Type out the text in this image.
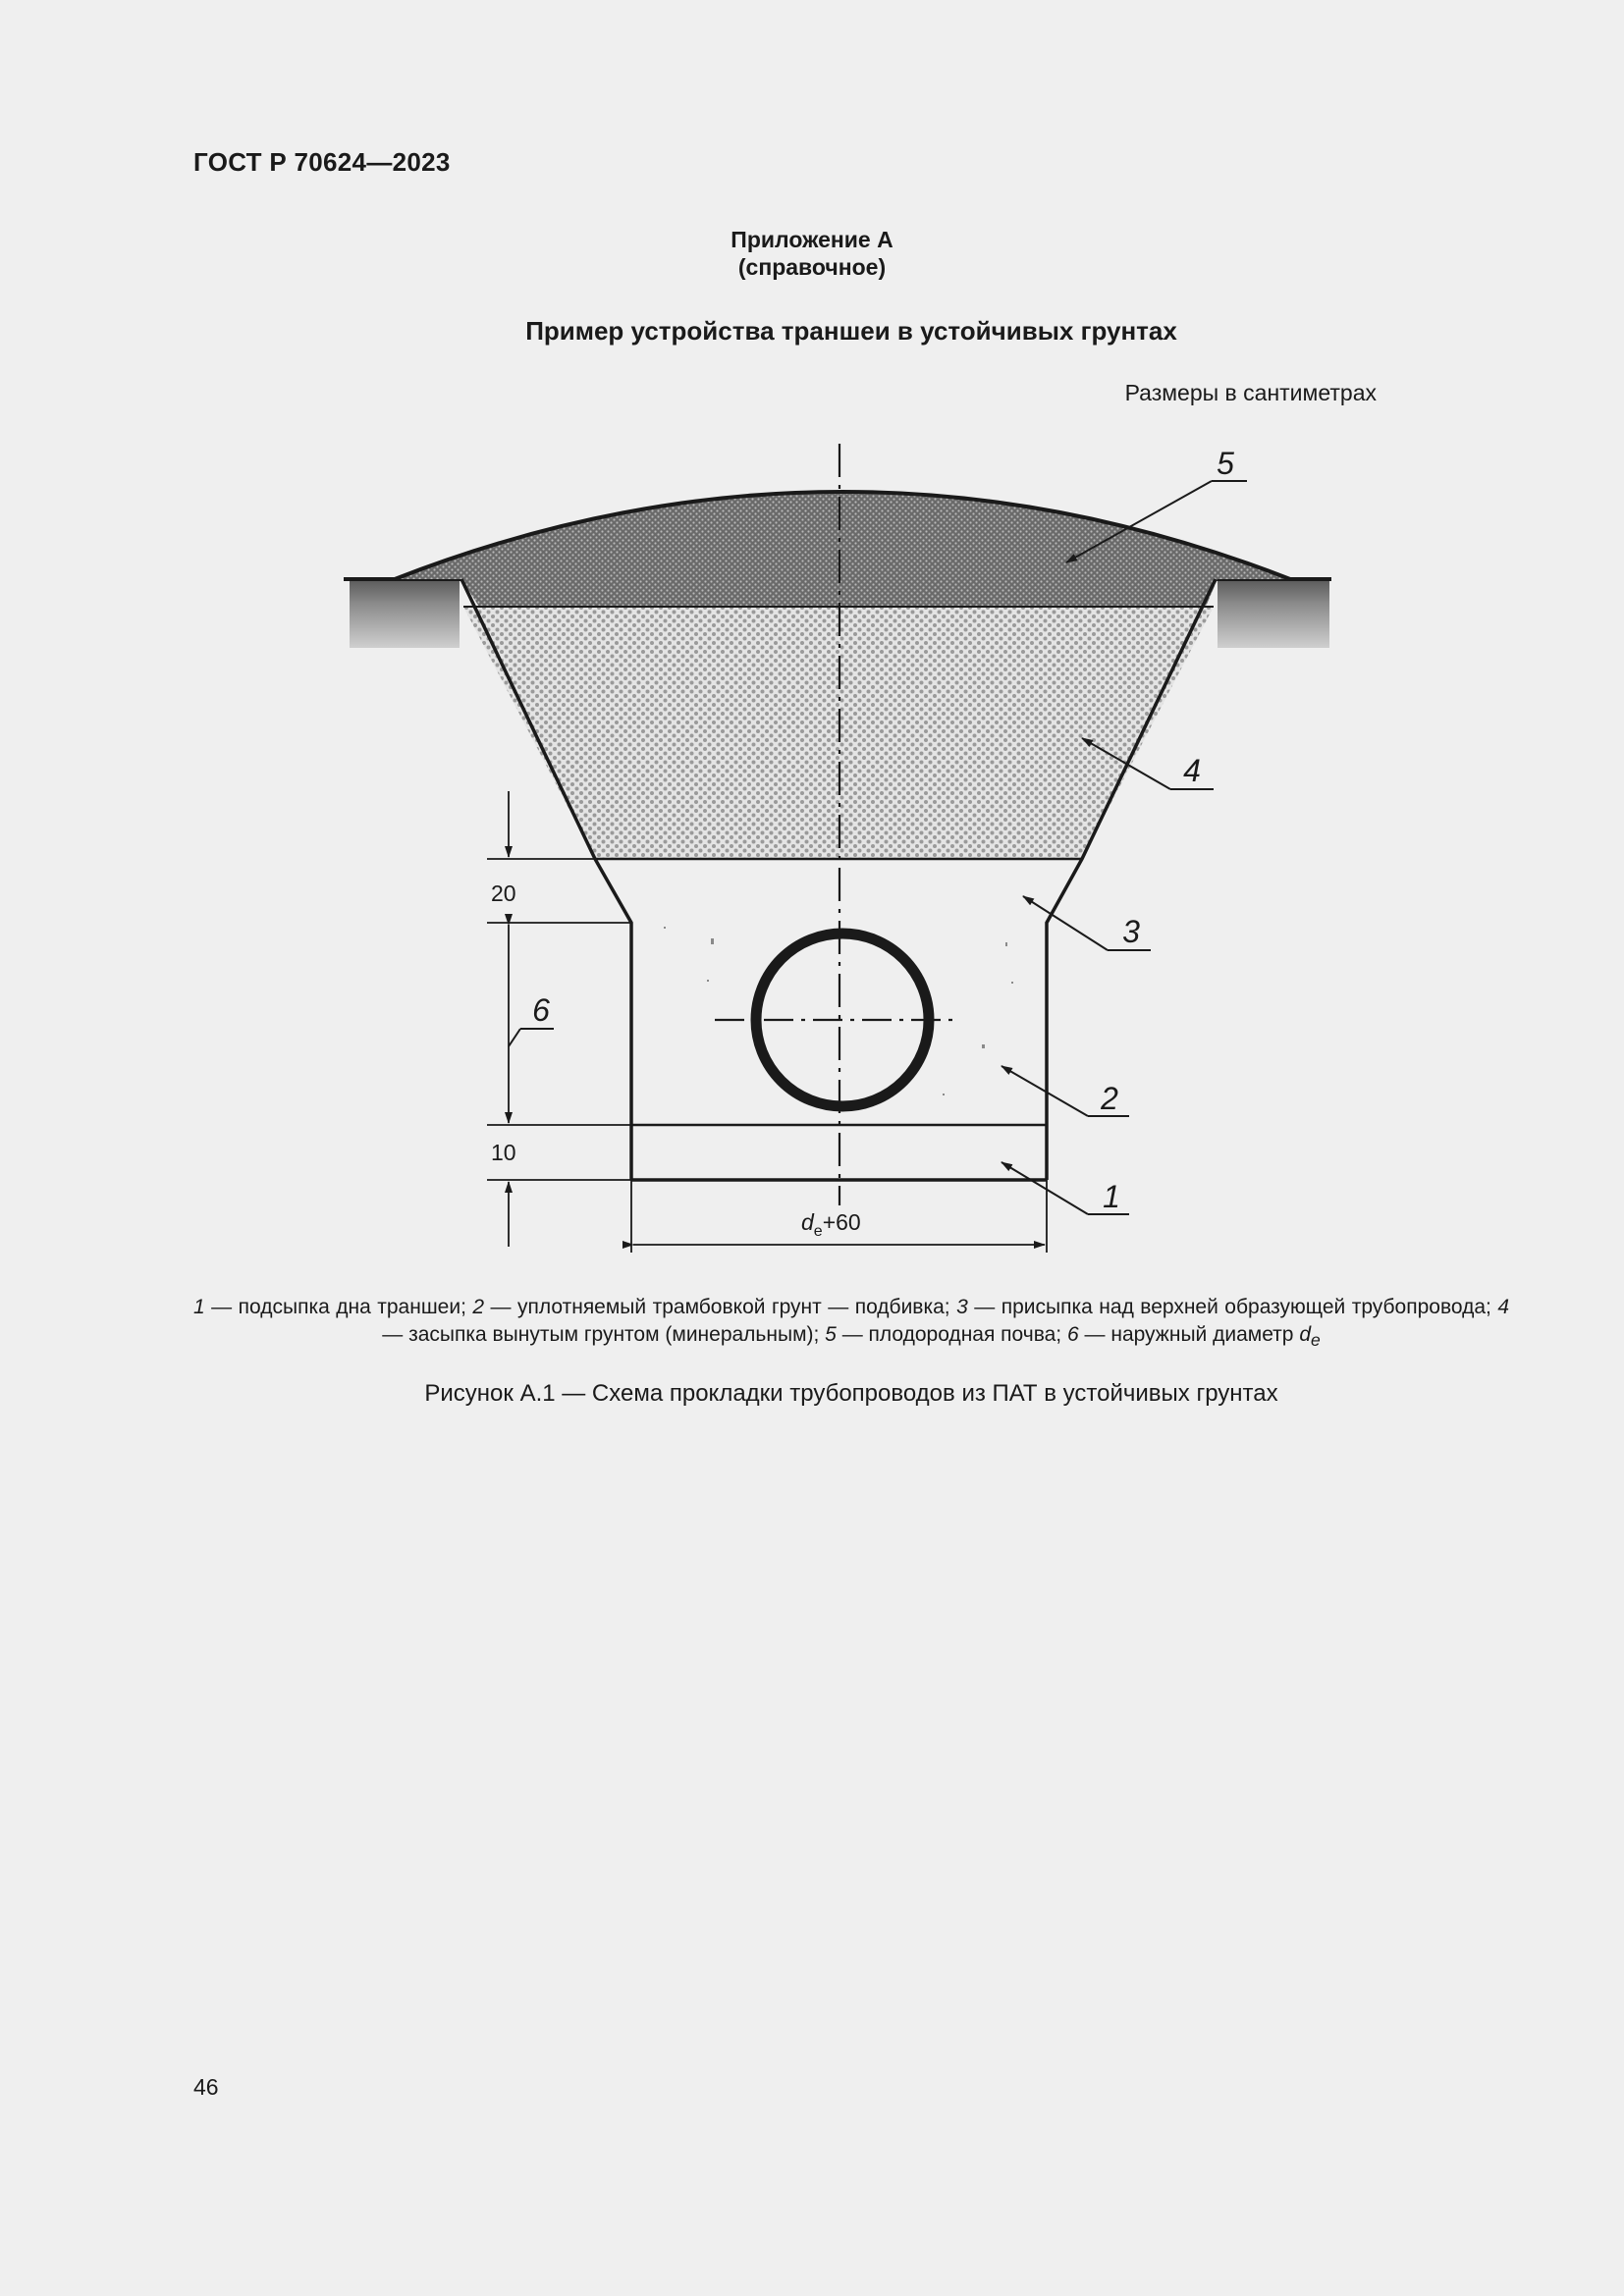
ГОСТ Р 70624—2023
Приложение А
(справочное)
Пример устройства траншеи в устойчивых грунтах
Размеры в сантиметрах
5
4
3
2
1
20
6
10
$d_e+60$
1 — подсыпка дна траншеи; 2 — уплотняемый трамбовкой грунт — подбивка; 3 — присыпка над верхней образующей трубопровода; 4 — засыпка вынутым грунтом (минеральным); 5 — плодородная почва; 6 — наружный диаметр $d_e$
Рисунок А.1 — Схема прокладки трубопроводов из ПАТ в устойчивых грунтах
46
